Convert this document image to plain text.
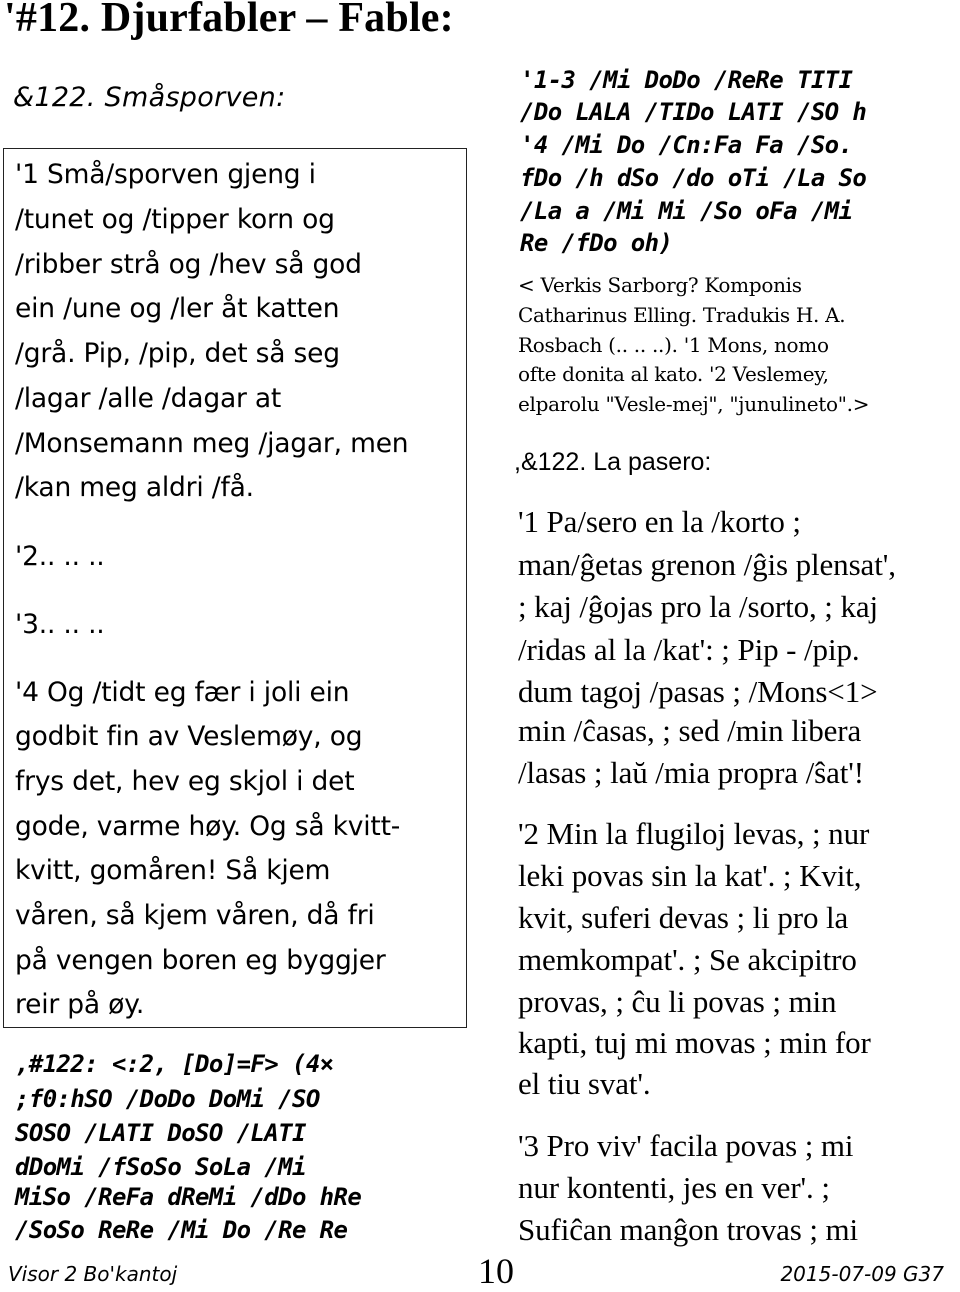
'#12. Djurfabler – Fable:
&122. Småsporven:
'1 Små/sporven gjeng i
/tunet og /tipper korn og
/ribber strå og /hev så god
ein /une og /ler åt katten
/grå. Pip, /pip, det så seg
/lagar /alle /dagar at
/Monsemann meg /jagar, men
/kan meg aldri /få.
'2.. .. ..
'3.. .. ..
'4 Og /tidt eg fær i joli ein
godbit fin av Veslemøy, og
frys det, hev eg skjol i det
gode, varme høy. Og så kvitt-
kvitt, gomåren! Så kjem
våren, så kjem våren, då fri
på vengen boren eg byggjer
reir på øy.
,#122: <:2, [Do]=F> (4×
;f0:hSO /DoDo DoMi /SO
SOSO /LATI DoSO /LATI
dDoMi /fSoSo SoLa /Mi
MiSo /ReFa dReMi /dDo hRe
/SoSo ReRe /Mi Do /Re Re
'1-3 /Mi DoDo /ReRe TITI
/Do LALA /TIDo LATI /SO h
'4 /Mi Do /Cn:Fa Fa /So.
fDo /h dSo /do oTi /La So
/La a /Mi Mi /So oFa /Mi
Re /fDo oh)
< Verkis Sarborg? Komponis
Catharinus Elling. Tradukis H. A.
Rosbach (.. .. ..). '1 Mons, nomo
ofte donita al kato. '2 Veslemey,
elparolu "Vesle-mej", "junulineto".>
,&122. La pasero:
'1 Pa/sero en la /korto ;
man/ĝetas grenon /ĝis plensat',
; kaj /ĝojas pro la /sorto, ; kaj
/ridas al la /kat': ; Pip - /pip.
dum tagoj /pasas ; /Mons<1>
min /ĉasas, ; sed /min libera
/lasas ; laŭ /mia propra /ŝat'!
'2 Min la flugiloj levas, ; nur
leki povas sin la kat'. ; Kvit,
kvit, suferi devas ; li pro la
memkompat'. ; Se akcipitro
provas, ; ĉu li povas ; min
kapti, tuj mi movas ; min for
el tiu svat'.
'3 Pro viv' facila povas ; mi
nur kontenti, jes en ver'. ;
Sufiĉan manĝon trovas ; mi
Visor 2 Bo'kantoj	10	2015-07-09 G37
